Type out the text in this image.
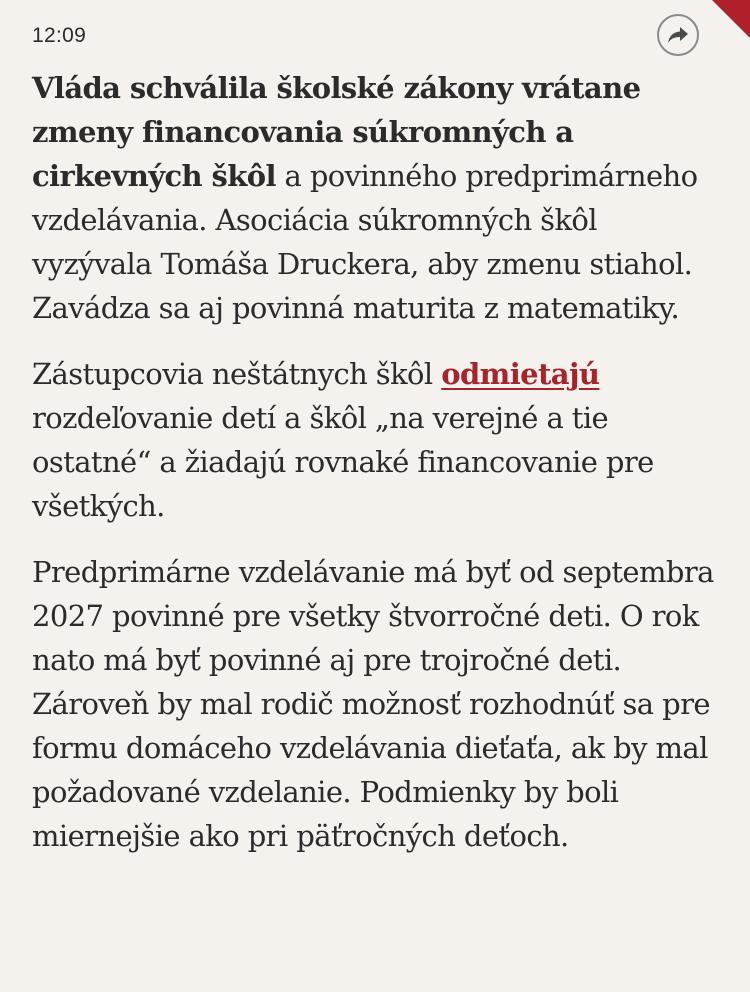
12:09

Vláda schválila školské zákony vrátane zmeny financovania súkromných a cirkevných škôl a povinného predprimárneho vzdelávania. Asociácia súkromných škôl vyzývala Tomáša Druckera, aby zmenu stiahol. Zavádza sa aj povinná maturita z matematiky.

Zástupcovia neštátnych škôl odmietajú rozdeľovanie detí a škôl „na verejné a tie ostatné“ a žiadajú rovnaké financovanie pre všetkých.

Predprimárne vzdelávanie má byť od septembra 2027 povinné pre všetky štvorročné deti. O rok nato má byť povinné aj pre trojročné deti. Zároveň by mal rodič možnosť rozhodnúť sa pre formu domáceho vzdelávania dieťaťa, ak by mal požadované vzdelanie. Podmienky by boli miernejšie ako pri päťročných deťoch.
